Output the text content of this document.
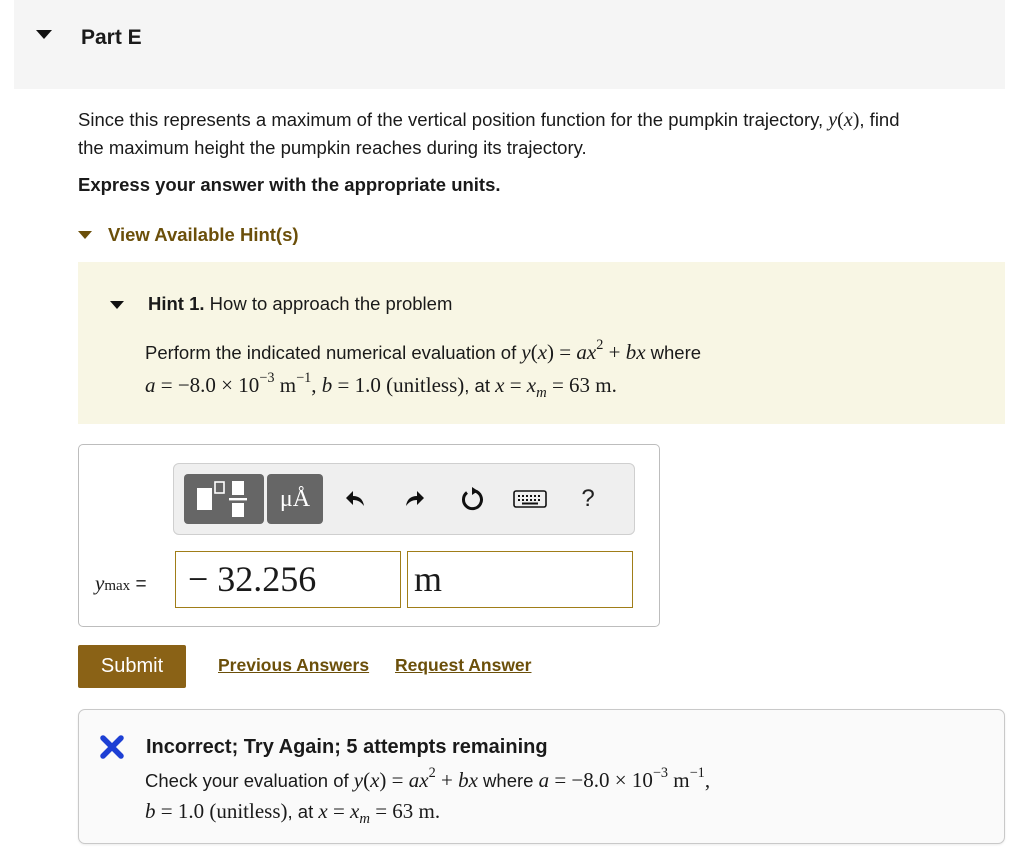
Part E
Since this represents a maximum of the vertical position function for the pumpkin trajectory, y(x), find
the maximum height the pumpkin reaches during its trajectory.
Express your answer with the appropriate units.
View Available Hint(s)
Hint 1. How to approach the problem
Perform the indicated numerical evaluation of $y(x) = ax^2$ + bx where
$a = -8.0 \times 10^{-3}$ $m^{-1}$, b = 1.0 (unitless), at $x = x_m = 63$ m.
μÅ	?
ymax =	− 32.256	m
Submit	Previous Answers Request Answer
Incorrect; Try Again; 5 attempts remaining
Check your evaluation of $y(x) = ax^2$ + bx where $a = -8.0 \times 10^{-3}$ $m^{-1}$,
b = 1.0 (unitless), at $x = x_m = 63$ m.
